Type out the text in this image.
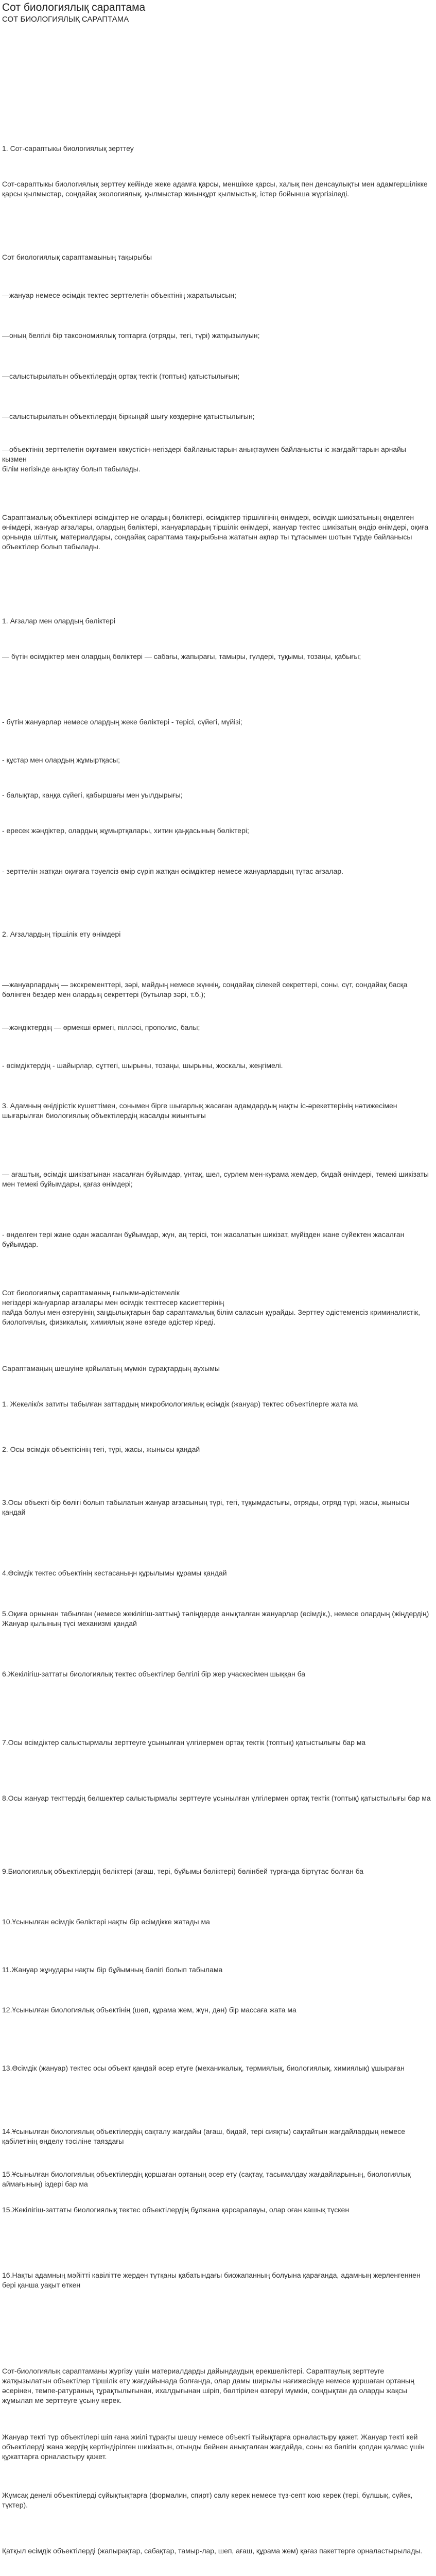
Сот биологиялық сараптама
СОТ БИОЛОГИЯЛЫҚ САРАПТАМА
1. Сот-сараптыкы биологиялық зерттеу
Сот-сараптыкы биологиялық зерттеу кейінде жеке адамға қарсы, меншікке қарсы, халық пен денсаулықты мен адамгершілікке қарсы қылмыстар, сондайақ экологиялық, қылмыстар жиынқұрт қылмыстық, істер бойынша жүргізіледі.
Сот биологиялық сараптамаының тақырыбы
—жануар немесе өсімдік тектес зерттелетін объектінің жаратылысын;
—оның белгілі бір таксономиялық топтарға (отряды, тегі, түрі) жатқызылуын;
—салыстырылатын объектілердің ортақ тектік (топтық) қатыстылығын;
—салыстырылатын объектілердің біркыңай шығу көздеріне қатыстылығын;
—объектінің зерттелетін оқиғамен көкустісін-негіздері байланыстарын анықтаумен байланысты іс жағдайттарын арнайы кызмен
білім негізінде анықтау болып табылады.
Сараптамалық объектілері өсімдіктер не олардың бөліктері, өсімдіктер тіршілігінің өнімдері, өсімдік шикізатының өнделген өнімдері, жануар ағзалары, олардың бөліктері, жануарлардың тіршілік өнімдері, жануар тектес шикізатың өндір өнімдері, оқиға орнында шілтық, материалдары, сондайақ сараптама тақырыбына жататын ақпар ты тұтасымен шотын түрде байланысы
объектілер болып табылады.
1. Ағзалар мен олардың бөліктері
— бүтін өсімдіктер мен олардың бөліктері — сабағы, жапырағы, тамыры, гүлдері, тұқымы, тозаңы, қабығы;
- бүтін жануарлар немесе олардың жеке бөліктері - терісі, сүйегі, мүйізі;
- құстар мен олардың жұмыртқасы;
- балықтар, каңқа сүйегі, қабыршағы мен уылдырығы;
- ересек жәндіктер, олардың жұмыртқалары, хитин қаңқасының бөліктері;
- зерттелін жатқан оқиғаға тәуелсіз өмір сүріп жатқан өсімдіктер немесе жануарлардың тұтас ағзалар.
2. Ағзалардың тіршілік ету өнімдері
—жануарлардың — экскременттері, зәрі, майдың немесе жүннің, сондайақ сілекей секреттері, соны, сүт, сондайақ басқа бөлінген бездер мен олардың секреттері (бүтылар зәрі, т.б.);
—жәндіктердің — өрмекші өрмегі, пілләсі, прополис, балы;
- өсімдіктердің - шайырлар, сұттегі, шырыны, тозаңы, шырыны, жоскалы, жеңгімелі.
3. Адамның өнідірістік күшеттімен, сонымен бірге шығарлық жасаған адамдардың нақты іс-әрекеттерінің нәтижесімен шығарылған биологиялық объектілердің жасалды жиынтығы
— ағаштық, өсімдік шикізатынан жасалған бұйымдар, ұнтақ, шел, сурлем мен-курама жемдер, бидай өнімдері, темекі шикізаты мен темекі бұйымдары, қағаз өнімдері;
- өнделген терi жане одан жасалған бұйымдар, жүн, аң терісі, тон жасалатын шикізат, мүйізден жане сүйектен жасалған бұйымдар.
Сот биологиялық сараптаманың ғылыми-әдістемелік
негіздері жануарлар ағзалары мен өсімдік текттесер касиеттерінің
пайда болуы мен өзгеруінің заңдылықтарын бар сараптамалық білім саласын құрайды. Зерттеу әдістеменсіз криминалистік, биологиялық, физикалық, химиялық және өзгеде әдістер кіреді.
Сараптамаңың шешуіне қойылатың мүмкін сұрақтардың аухымы
1. Жекелік/ж затиты табылған заттардың микробиологиялық өсімдік (жануар) тектес объектілерге жата ма
2. Осы өсімдік объектісінің тегі, түрі, жасы, жынысы қандай
3.Осы объекті бір бөлігі болып табылатын жануар ағзасының түрі, тегі, тұқымдастығы, отряды, отряд түрі, жасы, жынысы қандай
4.Өсімдік тектес объектінің кестасаныңн құрылымы құрамы қандай
5.Оқиға орнынан табылған (немесе жекілігіш-заттың) тәліңдерде анықталған жануарлар (өсімдік,), немесе олардың (жіңдердің) Жануар қылының түсі механизмі қандай
6.Жекілігіш-заттаты биологиялық тектес объектілер белгілі бір жер учаскесімен шыққан ба
7.Осы өсімдіктер салыстырмалы зерттеуге ұсынылған үлгілермен ортақ тектік (топтық) қатыстылығы бар ма
8.Осы жануар текттердің бөлшектер салыстырмалы зерттеуге ұсынылған үлгілермен ортақ тектік (топтық) қатыстылығы бар ма
9.Биологиялық объектілердің бөліктері (ағаш, тері, бұйымы бөліктері) бөлінбей тұрғанда біртұтас болған ба
10.Ұсынылған өсімдік бөліктері нақты бір өсімдікке жатады ма
11.Жануар жұнудары нақты бір бұйымның бөлігі болып табылама
12.Ұсынылған биологиялық объектінің (шөп, құрама жем, жүн, дән) бір массаға жата ма
13.Өсімдік (жануар) тектес осы объект қандай әсер етуге (механикалық, термиялық, биологиялық, химиялық) ұшыраған
14.Ұсынылған биологиялық объектілердің сақталу жағдайы (ағаш, бидай, тері сияқты) сақтайтын жағдайлардың немесе қабілетінің өнделу тәсіліне таяздағы
15.Ұсынылған биологиялық объектілердің қоршаған ортаның әсер ету (сақтау, тасымалдау жағдайларының, биологиялық аймағының) іздері бар ма
15.Жекілігіш-заттаты биологиялық тектес объектілердің бұлжана қарсаралауы, олар оған кашық түскен
16.Нақты адамның мәйітті кавілітте жерден тұтқаны қабатындағы биожапанның болуына қарағанда, адамның жерленгеннен бері қанша уақыт өткен
Сот-биологиялық сараптаманы жургізу үшін материалдарды дайындаудың ерекшеліктері. Сараптаулық зерттеуге жатқызылатын объектілер тіршілік ету жағдайынада болғанда, олар дамы ширылы нағижесінде немесе қоршаған ортаның әсерінен, темпе-ратураның тұрақтылығынан, ихалдығынан шіріп, бөлтірілен өзгеруі мүмкін, сондықтан да оларды жақсы жұмылап ме зерттеуге ұсыну керек.
Жануар текті түр объектілері шіп ғана жиілі тұрақты шешу немесе объекті тыйықтарға орналастыру қажет. Жануар текті кей объектілерді жана жердің кертіндірілген шикізатын, отынды бейнен анықталған жағдайда, соны өз бөлігін қолдан қалмас үшін құжаттарға орналастыру қажет.
Жұмсақ денелі объектілерді сұйықтықтарға (формалин, спирт) салу керек немесе тұз-септ кою керек (тері, бұлшық, сүйек, түктер).
Қатқыл өсімдік объектілерді (жапырақтар, сабақтар, тамыр-лар, шеп, ағаш, құрама жем) қағаз пакеттерге орналастырылады.
